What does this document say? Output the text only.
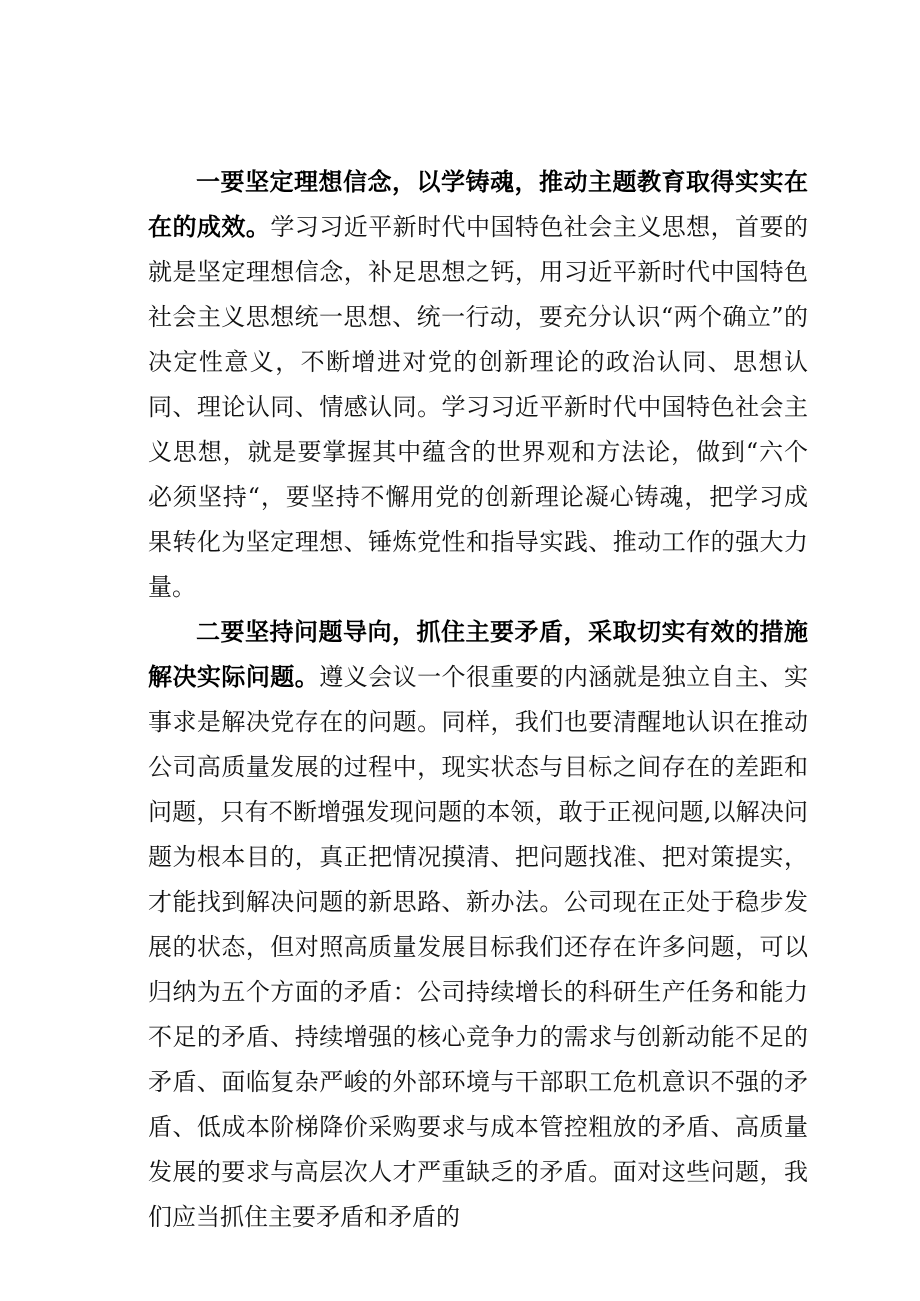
一要坚定理想信念，以学铸魂，推动主题教育取得实实在在的成效。学习习近平新时代中国特色社会主义思想，首要的就是坚定理想信念，补足思想之钙，用习近平新时代中国特色社会主义思想统一思想、统一行动，要充分认识“两个确立”的决定性意义，不断增进对党的创新理论的政治认同、思想认同、理论认同、情感认同。学习习近平新时代中国特色社会主义思想，就是要掌握其中蕴含的世界观和方法论，做到“六个必须坚持“，要坚持不懈用党的创新理论凝心铸魂，把学习成果转化为坚定理想、锤炼党性和指导实践、推动工作的强大力量。

二要坚持问题导向，抓住主要矛盾，采取切实有效的措施解决实际问题。遵义会议一个很重要的内涵就是独立自主、实事求是解决党存在的问题。同样，我们也要清醒地认识在推动公司高质量发展的过程中，现实状态与目标之间存在的差距和问题，只有不断增强发现问题的本领，敢于正视问题,以解决问题为根本目的，真正把情况摸清、把问题找准、把对策提实，才能找到解决问题的新思路、新办法。公司现在正处于稳步发展的状态，但对照高质量发展目标我们还存在许多问题，可以归纳为五个方面的矛盾：公司持续增长的科研生产任务和能力不足的矛盾、持续增强的核心竞争力的需求与创新动能不足的矛盾、面临复杂严峻的外部环境与干部职工危机意识不强的矛盾、低成本阶梯降价采购要求与成本管控粗放的矛盾、高质量发展的要求与高层次人才严重缺乏的矛盾。面对这些问题，我们应当抓住主要矛盾和矛盾的
